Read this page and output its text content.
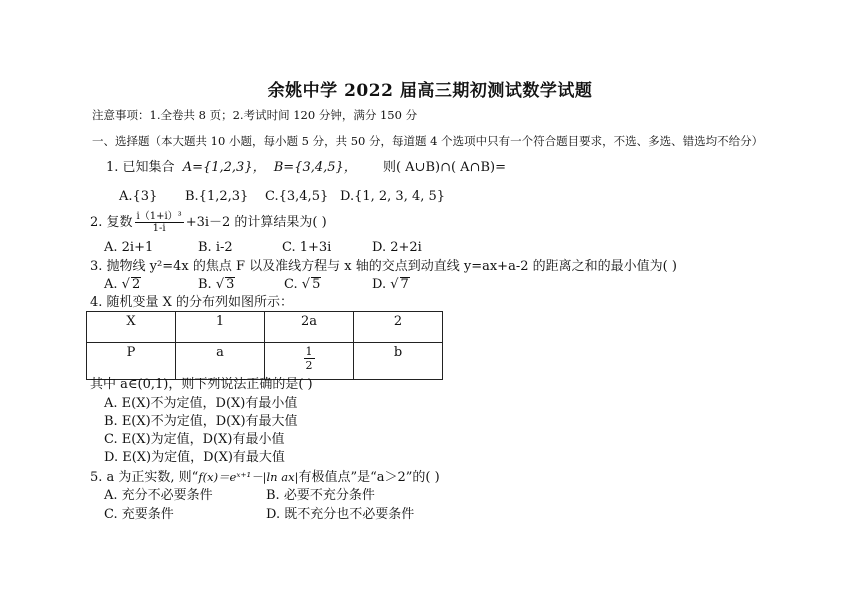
余姚中学 2022 届高三期初测试数学试题
注意事项：1.全卷共 8 页；2.考试时间 120 分钟，满分 150 分
一、选择题（本大题共 10 小题，每小题 5 分，共 50 分，每道题 4 个选项中只有一个符合题目要求，不选、多选、错选均不给分）
1. 已知集合 A={1,2,3}， B={3,4,5}， 则( A∪B)∩( A∩B)=
A.{3} B.{1,2,3} C.{3,4,5} D.{1, 2, 3, 4, 5}
2. 复数 $\frac{\text{i（1+i）³}}{1-i} +3i-2$ 的计算结果为( )
A. 2i+1	B. i-2	C. 1+3i	D. 2+2i
3. 抛物线 y²=4x 的焦点 F 以及准线方程与 x 轴的交点到动直线 y=ax+a-2 的距离之和的最小值为( )
A. √ 2	B. √ 3	C. √ 5	D. √ 7
4. 随机变量 X 的分布列如图所示：
X	1	2a	2
P	a	$\frac{1}{2}$	b
其中 a∈(0,1)，则下列说法正确的是( )
A. E(X)不为定值，D(X)有最小值
B. E(X)不为定值，D(X)有最大值
C. E(X)为定值，D(X)有最小值
D. E(X)为定值，D(X)有最大值
5. a 为正实数, 则“f(x)＝eˣ⁺¹－|ln ax|有极值点”是“a＞2”的( )
A. 充分不必要条件	B. 必要不充分条件
C. 充要条件	D. 既不充分也不必要条件
